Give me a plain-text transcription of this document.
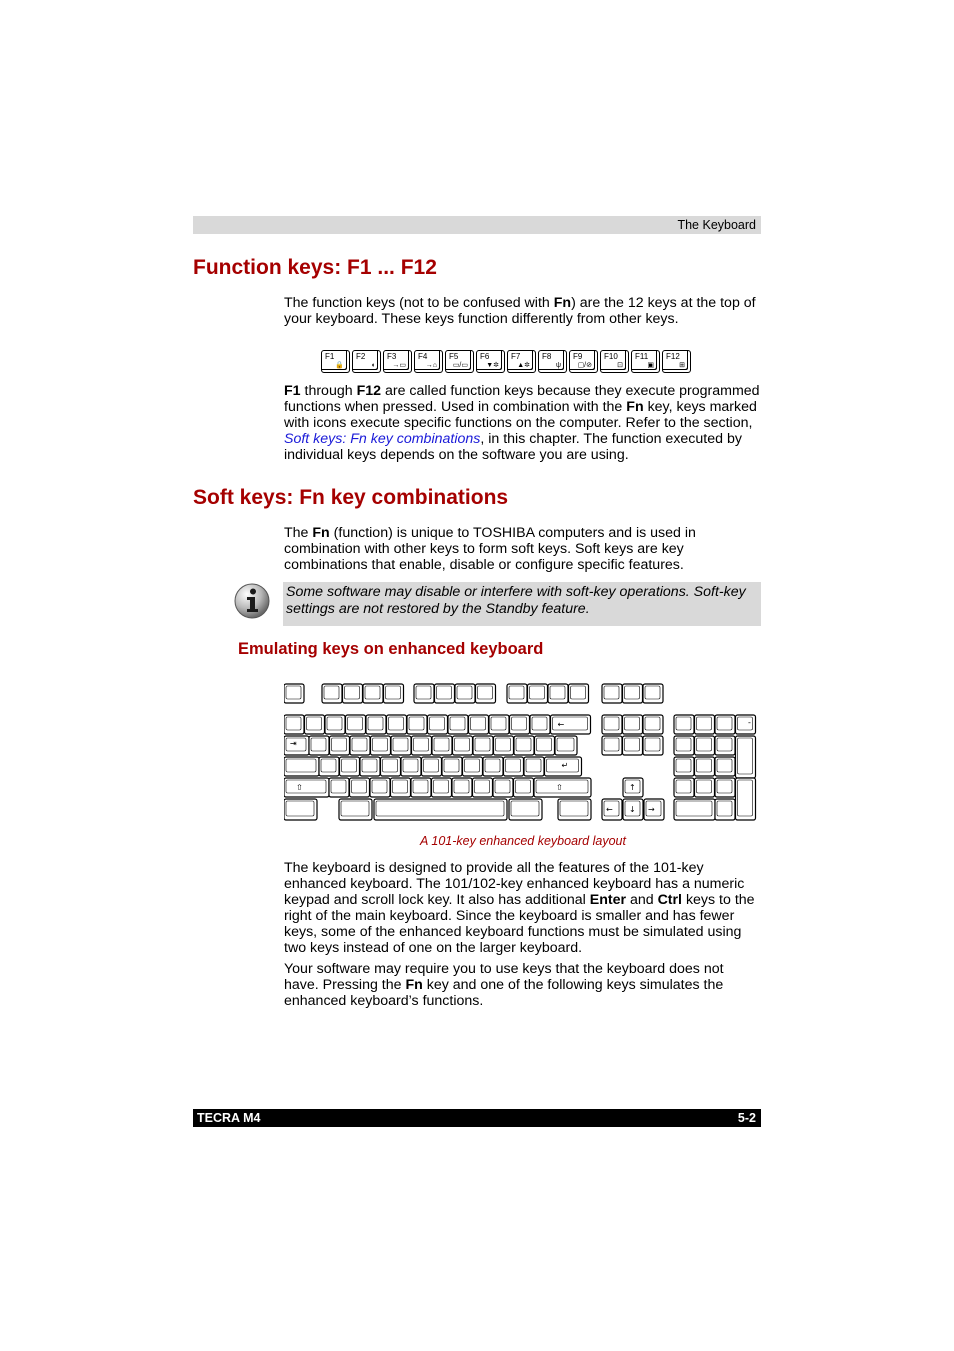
The Keyboard
Function keys: F1 ... F12

The function keys (not to be confused with Fn) are the 12 keys at the top of your keyboard. These keys function differently from other keys.

F1
🔒
F2
◖
F3
→▭
F4
→⌂
F5
▭/▭
F6
▼✲
F7
▲✲
F8
ψ
F9
▢/⊘
F10
⊡
F11
▣
F12
⊞

F1 through F12 are called function keys because they execute programmed functions when pressed. Used in combination with the Fn key, keys marked with icons execute specific functions on the computer. Refer to the section, Soft keys: Fn key combinations, in this chapter. The function executed by individual keys depends on the software you are using.

Soft keys: Fn key combinations

The Fn (function) is unique to TOSHIBA computers and is used in combination with other keys to form soft keys. Soft keys are key combinations that enable, disable or configure specific features.

Some software may disable or interfere with soft-key operations. Soft-key settings are not restored by the Standby feature.

Emulating keys on enhanced keyboard
←
⇥
↵
⇧	⇧	↑
← ↓ →
-
A 101-key enhanced keyboard layout

The keyboard is designed to provide all the features of the 101-key enhanced keyboard. The 101/102-key enhanced keyboard has a numeric keypad and scroll lock key. It also has additional Enter and Ctrl keys to the right of the main keyboard. Since the keyboard is smaller and has fewer keys, some of the enhanced keyboard functions must be simulated using two keys instead of one on the larger keyboard.

Your software may require you to use keys that the keyboard does not have. Pressing the Fn key and one of the following keys simulates the enhanced keyboard’s functions.

TECRA M4	5-2
